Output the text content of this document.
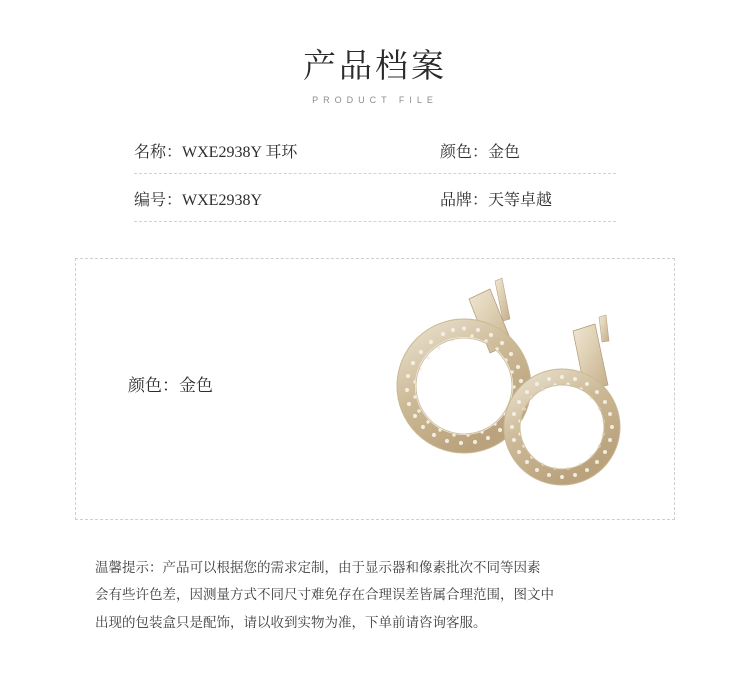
产品档案
PRODUCT FILE
名称： WXE2938Y 耳环	颜色： 金色
编号： WXE2938Y	品牌： 天等卓越
颜色：金色

温馨提示：产品可以根据您的需求定制，由于显示器和像素批次不同等因素

会有些许色差，因测量方式不同尺寸难免存在合理误差皆属合理范围，图文中

出现的包装盒只是配饰，请以收到实物为准，下单前请咨询客服。
